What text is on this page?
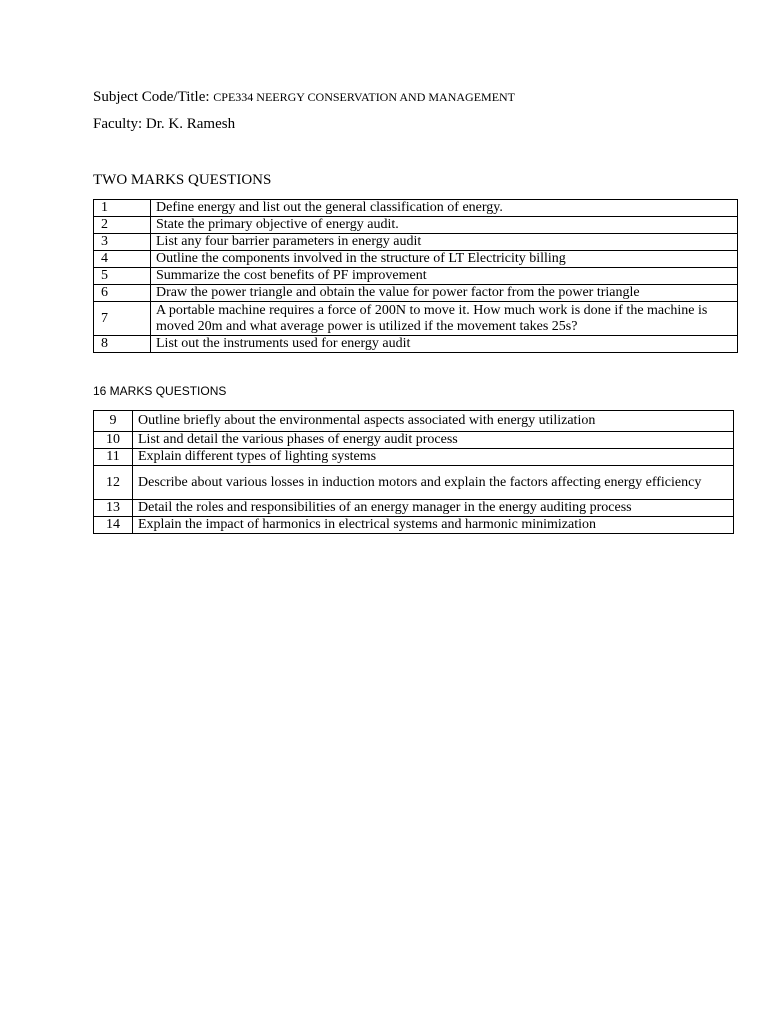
Subject Code/Title: CPE334 NEERGY CONSERVATION AND MANAGEMENT
Faculty: Dr. K. Ramesh
TWO MARKS QUESTIONS
1	Define energy and list out the general classification of energy.
2	State the primary objective of energy audit.
3	List any four barrier parameters in energy audit
4	Outline the components involved in the structure of LT Electricity billing
5	Summarize the cost benefits of PF improvement
6	Draw the power triangle and obtain the value for power factor from the power triangle
7	A portable machine requires a force of 200N to move it. How much work is done if the machine is moved 20m and what average power is utilized if the movement takes 25s?
8	List out the instruments used for energy audit
16 MARKS QUESTIONS
9	Outline briefly about the environmental aspects associated with energy utilization
10	List and detail the various phases of energy audit process
11	Explain different types of lighting systems
12	Describe about various losses in induction motors and explain the factors affecting energy efficiency
13	Detail the roles and responsibilities of an energy manager in the energy auditing process
14	Explain the impact of harmonics in electrical systems and harmonic minimization
